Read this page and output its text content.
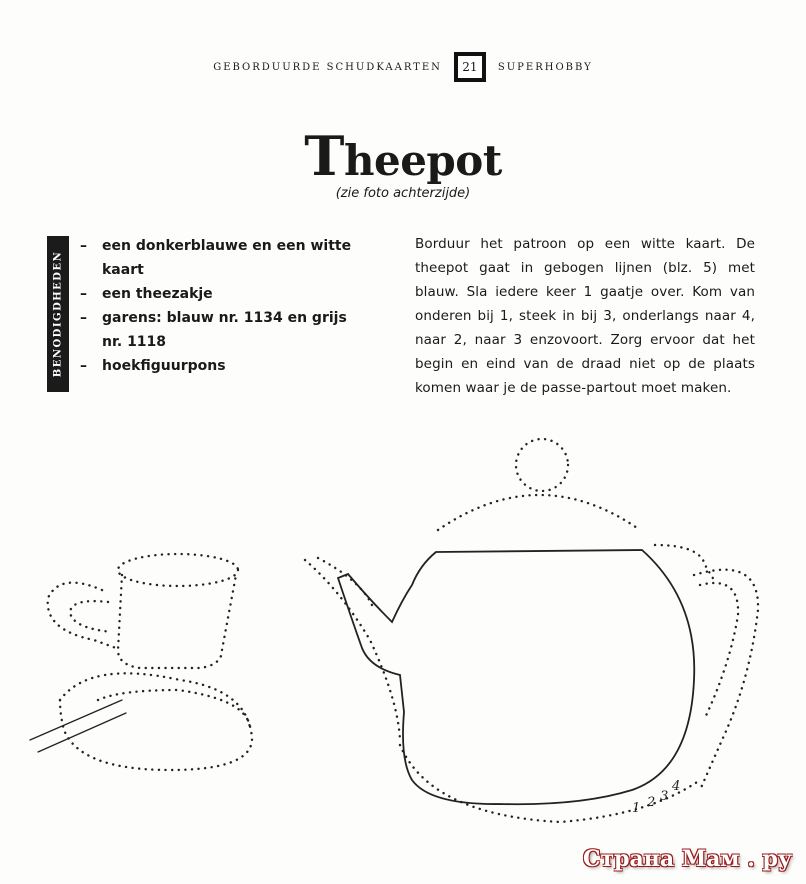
GEBORDUURDE SCHUDKAARTEN	21	SUPERHOBBY
Theepot
(zie foto achterzijde)
BENODIGDHEDEN
– een donkerblauwe en een witte kaart
– een theezakje
– garens: blauw nr. 1134 en grijs nr. 1118
– hoekfiguurpons

Borduur het patroon op een witte kaart. De theepot gaat in gebogen lijnen (blz. 5) met blauw. Sla iedere keer 1 gaatje over. Kom van onderen bij 1, steek in bij 3, onderlangs naar 4, naar 2, naar 3 enzovoort. Zorg ervoor dat het begin en eind van de draad niet op de plaats komen waar je de passe-partout moet maken.

1 2 3
4
Страна Мам . ру
